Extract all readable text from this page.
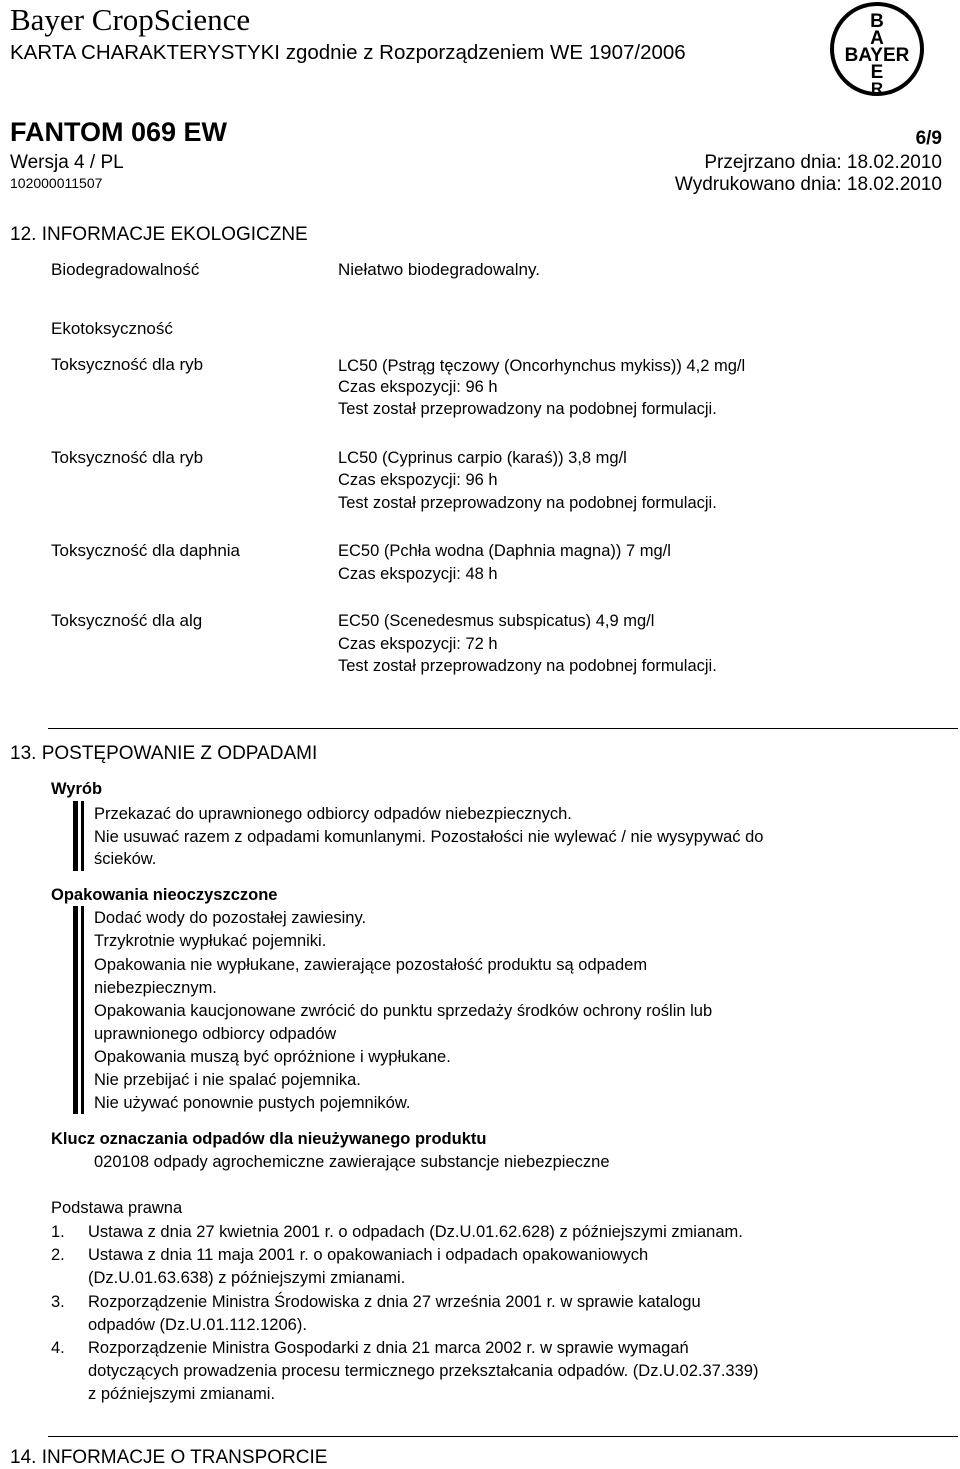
Bayer CropScience
KARTA CHARAKTERYSTYKI zgodnie z Rozporządzeniem WE 1907/2006
B
A
BAYER
E
R
FANTOM 069 EW	6/9
Wersja 4 / PL	Przejrzano dnia: 18.02.2010
102000011507	Wydrukowano dnia: 18.02.2010
12. INFORMACJE EKOLOGICZNE
Biodegradowalność	Niełatwo biodegradowalny.
Ekotoksyczność
Toksyczność dla ryb	LC50 (Pstrąg tęczowy (Oncorhynchus mykiss)) 4,2 mg/l
Czas ekspozycji: 96 h
Test został przeprowadzony na podobnej formulacji.
Toksyczność dla ryb	LC50 (Cyprinus carpio (karaś)) 3,8 mg/l
Czas ekspozycji: 96 h
Test został przeprowadzony na podobnej formulacji.
Toksyczność dla daphnia	EC50 (Pchła wodna (Daphnia magna)) 7 mg/l
Czas ekspozycji: 48 h
Toksyczność dla alg	EC50 (Scenedesmus subspicatus) 4,9 mg/l
Czas ekspozycji: 72 h
Test został przeprowadzony na podobnej formulacji.
13. POSTĘPOWANIE Z ODPADAMI
Wyrób
Przekazać do uprawnionego odbiorcy odpadów niebezpiecznych.
Nie usuwać razem z odpadami komunlanymi. Pozostałości nie wylewać / nie wysypywać do
ścieków.
Opakowania nieoczyszczone
Dodać wody do pozostałej zawiesiny.
Trzykrotnie wypłukać pojemniki.
Opakowania nie wypłukane, zawierające pozostałość produktu są odpadem
niebezpiecznym.
Opakowania kaucjonowane zwrócić do punktu sprzedaży środków ochrony roślin lub
uprawnionego odbiorcy odpadów
Opakowania muszą być opróżnione i wypłukane.
Nie przebijać i nie spalać pojemnika.
Nie używać ponownie pustych pojemników.
Klucz oznaczania odpadów dla nieużywanego produktu
020108 odpady agrochemiczne zawierające substancje niebezpieczne
Podstawa prawna
1. Ustawa z dnia 27 kwietnia 2001 r. o odpadach (Dz.U.01.62.628) z późniejszymi zmianam.
2. Ustawa z dnia 11 maja 2001 r. o opakowaniach i odpadach opakowaniowych
(Dz.U.01.63.638) z późniejszymi zmianami.
3. Rozporządzenie Ministra Środowiska z dnia 27 września 2001 r. w sprawie katalogu
odpadów (Dz.U.01.112.1206).
4. Rozporządzenie Ministra Gospodarki z dnia 21 marca 2002 r. w sprawie wymagań
dotyczących prowadzenia procesu termicznego przekształcania odpadów. (Dz.U.02.37.339)
z późniejszymi zmianami.
14. INFORMACJE O TRANSPORCIE
